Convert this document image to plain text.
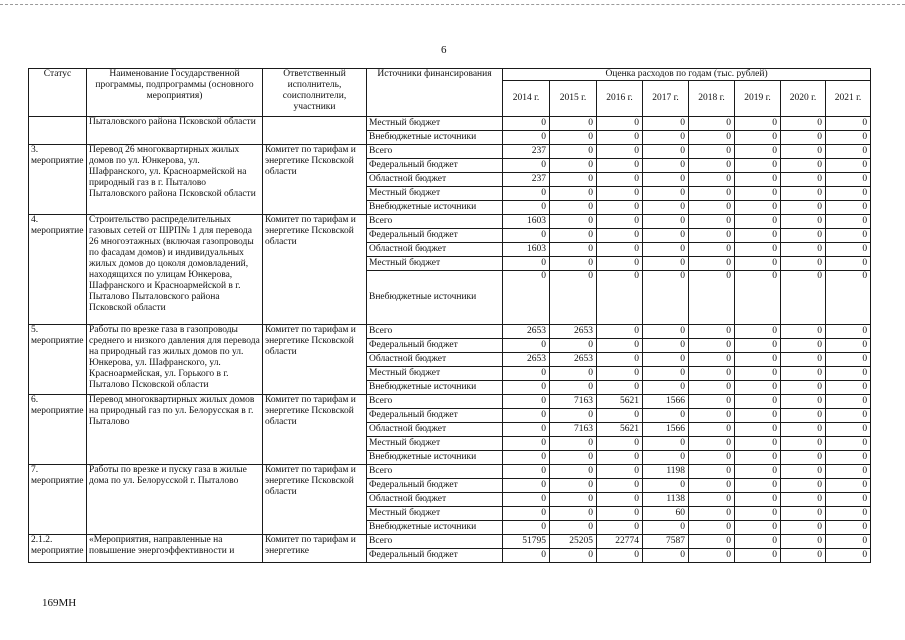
6
Статус	Наименование Государственной программы, подпрограммы (основного мероприятия)	Ответственный исполнитель, соисполнители, участники	Источники финансирования	Оценка расходов по годам (тыс. рублей)							
				2014 г.	2015 г.	2016 г.	2017 г.	2018 г.	2019 г.	2020 г.	2021 г.
	Пыталовского района Псковской области		Местный бюджет	0	0	0	0	0	0	0	0
			Внебюджетные источники	0	0	0	0	0	0	0	0
3. мероприятие	Перевод 26 многоквартирных жилых домов по ул. Юнкерова, ул. Шафранского, ул. Красноармейской на природный газ в г. Пыталово Пыталовского района Псковской области	Комитет по тарифам и энергетике Псковской области	Всего	237	0	0	0	0	0	0	0
			Федеральный бюджет	0	0	0	0	0	0	0	0
			Областной бюджет	237	0	0	0	0	0	0	0
			Местный бюджет	0	0	0	0	0	0	0	0
			Внебюджетные источники	0	0	0	0	0	0	0	0
4. мероприятие	Строительство распределительных газовых сетей от ШРП№ 1 для перевода 26 многоэтажных (включая газопроводы по фасадам домов) и индивидуальных жилых домов до цоколя домовладений, находящихся по улицам Юнкерова, Шафранского и Красноармейской в г. Пыталово Пыталовского района Псковской области	Комитет по тарифам и энергетике Псковской области	Всего	1603	0	0	0	0	0	0	0
			Федеральный бюджет	0	0	0	0	0	0	0	0
			Областной бюджет	1603	0	0	0	0	0	0	0
			Местный бюджет	0	0	0	0	0	0	0	0
			Внебюджетные источники	0	0	0	0	0	0	0	0
5. мероприятие	Работы по врезке газа в газопроводы среднего и низкого давления для перевода на природный газ жилых домов по ул. Юнкерова, ул. Шафранского, ул. Красноармейская, ул. Горького в г. Пыталово Псковской области	Комитет по тарифам и энергетике Псковской области	Всего	2653	2653	0	0	0	0	0	0
			Федеральный бюджет	0	0	0	0	0	0	0	0
			Областной бюджет	2653	2653	0	0	0	0	0	0
			Местный бюджет	0	0	0	0	0	0	0	0
			Внебюджетные источники	0	0	0	0	0	0	0	0
6. мероприятие	Перевод многоквартирных жилых домов на природный газ по ул. Белорусская в г. Пыталово	Комитет по тарифам и энергетике Псковской области	Всего	0	7163	5621	1566	0	0	0	0
			Федеральный бюджет	0	0	0	0	0	0	0	0
			Областной бюджет	0	7163	5621	1566	0	0	0	0
			Местный бюджет	0	0	0	0	0	0	0	0
			Внебюджетные источники	0	0	0	0	0	0	0	0
7. мероприятие	Работы по врезке и пуску газа в жилые дома по ул. Белорусской г. Пыталово	Комитет по тарифам и энергетике Псковской области	Всего	0	0	0	1198	0	0	0	0
			Федеральный бюджет	0	0	0	0	0	0	0	0
			Областной бюджет	0	0	0	1138	0	0	0	0
			Местный бюджет	0	0	0	60	0	0	0	0
			Внебюджетные источники	0	0	0	0	0	0	0	0
2.1.2. мероприятие	«Мероприятия, направленные на повышение энергоэффективности и	Комитет по тарифам и энергетике	Всего	51795	25205	22774	7587	0	0	0	0
			Федеральный бюджет	0	0	0	0	0	0	0	0
169МН
